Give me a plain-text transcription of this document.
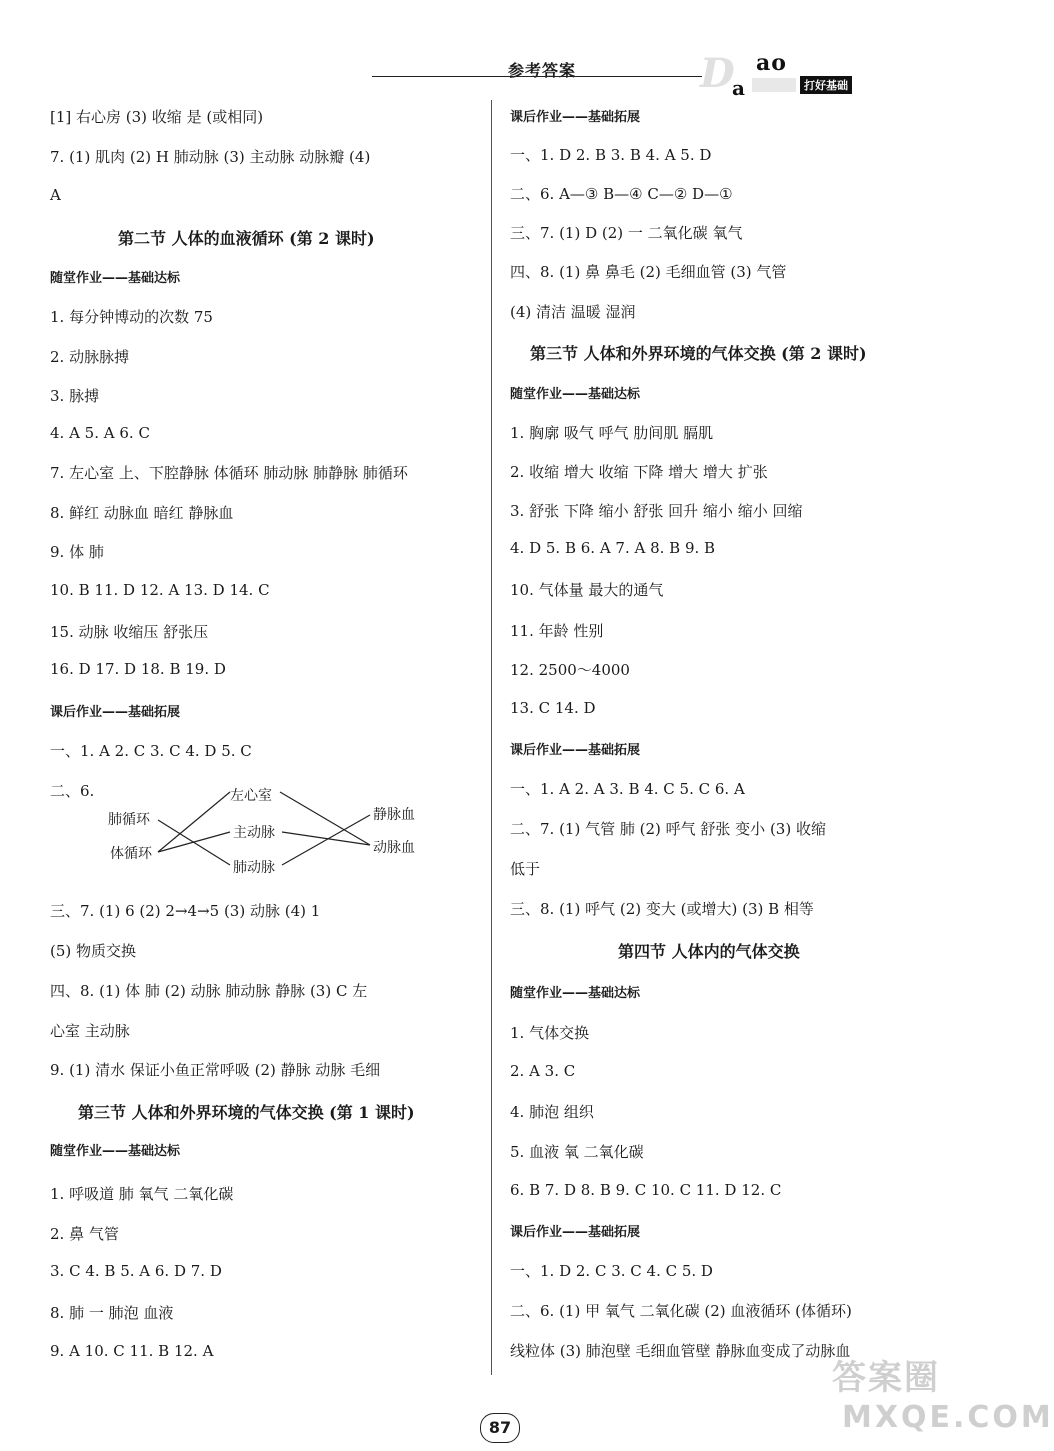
参考答案	D
a
ao
打好基础
[1] 右心房 (3) 收缩 是 (或相同)
7. (1) 肌肉 (2) H 肺动脉 (3) 主动脉 动脉瓣 (4)
A
第二节 人体的血液循环 (第 2 课时)
随堂作业——基础达标
1. 每分钟博动的次数 75
2. 动脉脉搏
3. 脉搏
4. A 5. A 6. C
7. 左心室 上、下腔静脉 体循环 肺动脉 肺静脉 肺循环
8. 鲜红 动脉血 暗红 静脉血
9. 体 肺
10. B 11. D 12. A 13. D 14. C
15. 动脉 收缩压 舒张压
16. D 17. D 18. B 19. D
课后作业——基础拓展
一、1. A 2. C 3. C 4. D 5. C
二、6.
三、7. (1) 6 (2) 2→4→5 (3) 动脉 (4) 1
(5) 物质交换
四、8. (1) 体 肺 (2) 动脉 肺动脉 静脉 (3) C 左
心室 主动脉
9. (1) 清水 保证小鱼正常呼吸 (2) 静脉 动脉 毛细
第三节 人体和外界环境的气体交换 (第 1 课时)
随堂作业——基础达标
1. 呼吸道 肺 氧气 二氧化碳
2. 鼻 气管
3. C 4. B 5. A 6. D 7. D
8. 肺 一 肺泡 血液
9. A 10. C 11. B 12. A
课后作业——基础拓展
一、1. D 2. B 3. B 4. A 5. D
二、6. A—③ B—④ C—② D—①
三、7. (1) D (2) 一 二氧化碳 氧气
四、8. (1) 鼻 鼻毛 (2) 毛细血管 (3) 气管
(4) 清洁 温暖 湿润
第三节 人体和外界环境的气体交换 (第 2 课时)
随堂作业——基础达标
1. 胸廓 吸气 呼气 肋间肌 膈肌
2. 收缩 增大 收缩 下降 增大 增大 扩张
3. 舒张 下降 缩小 舒张 回升 缩小 缩小 回缩
4. D 5. B 6. A 7. A 8. B 9. B
10. 气体量 最大的通气
11. 年龄 性别
12. 2500～4000
13. C 14. D
课后作业——基础拓展
一、1. A 2. A 3. B 4. C 5. C 6. A
二、7. (1) 气管 肺 (2) 呼气 舒张 变小 (3) 收缩
低于
三、8. (1) 呼气 (2) 变大 (或增大) (3) B 相等
第四节 人体内的气体交换
随堂作业——基础达标
1. 气体交换
2. A 3. C
4. 肺泡 组织
5. 血液 氧 二氧化碳
6. B 7. D 8. B 9. C 10. C 11. D 12. C
课后作业——基础拓展
一、1. D 2. C 3. C 4. C 5. D
二、6. (1) 甲 氧气 二氧化碳 (2) 血液循环 (体循环)
线粒体 (3) 肺泡壁 毛细血管壁 静脉血变成了动脉血
肺循环
体循环
左心室
主动脉
肺动脉
静脉血
动脉血
87
答案圈
MXQE.COM
